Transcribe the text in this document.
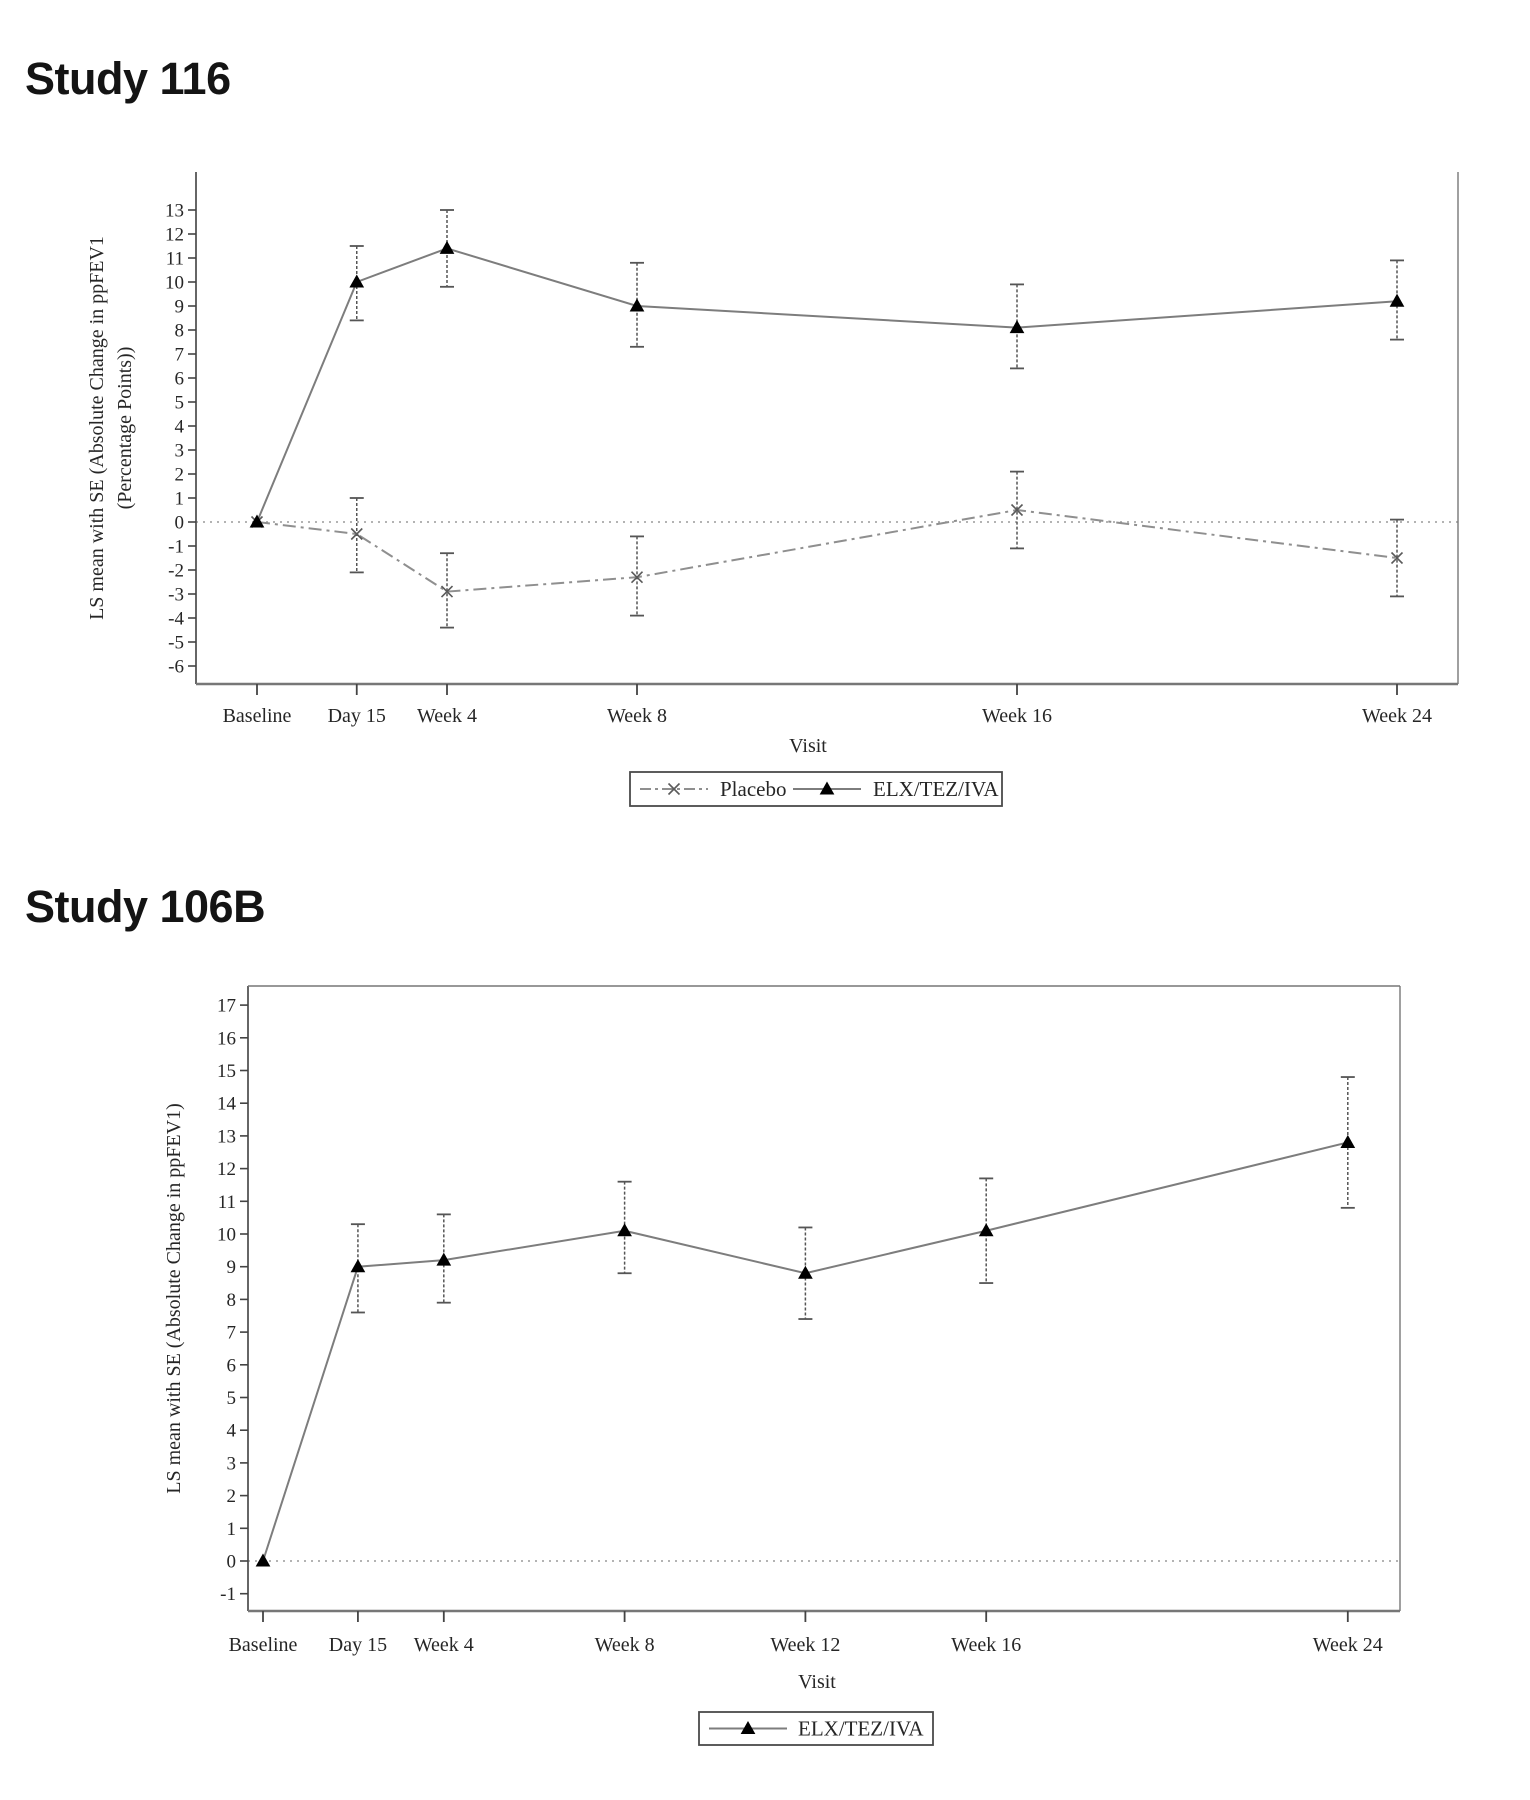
Study 116
Study 106B
13
12
11
10
9
8
7
6
5
4
3
2
1
0
-1
-2
-3
-4
-5
-6
Baseline Day 15 Week 4	Week 8	Week 16	Week 24
LS mean with SE (Absolute Change in ppFEV1 (Percentage Points))
Visit
Placebo	ELX/TEZ/IVA
17
16
15
14
13
12
11
10
9
8
7
6
5
4
3
2
1
0
-1
Baseline Day 15 Week 4	Week 8	Week 12	Week 16	Week 24
LS mean with SE (Absolute Change in ppFEV1)
Visit
ELX/TEZ/IVA
